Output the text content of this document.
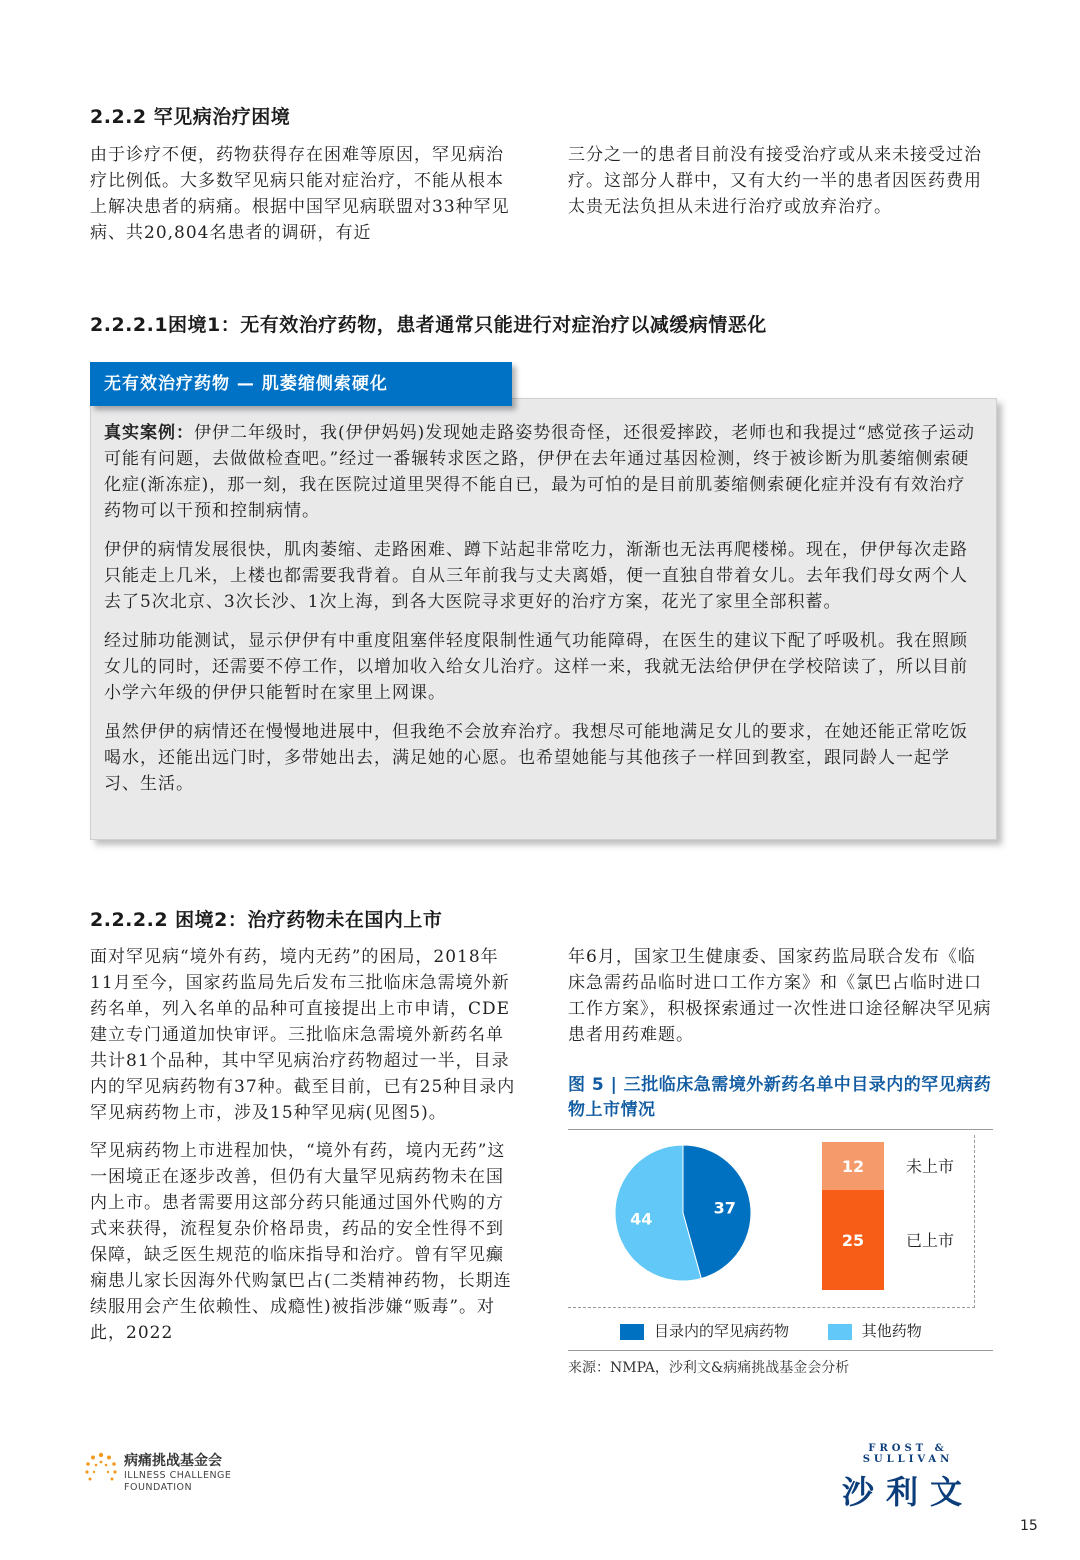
2.2.2 罕见病治疗困境
由于诊疗不便，药物获得存在困难等原因，罕见病治疗比例低。大多数罕见病只能对症治疗，不能从根本上解决患者的病痛。根据中国罕见病联盟对33种罕见病、共20,804名患者的调研，有近
三分之一的患者目前没有接受治疗或从来未接受过治疗。这部分人群中，又有大约一半的患者因医药费用太贵无法负担从未进行治疗或放弃治疗。
2.2.2.1困境1：无有效治疗药物，患者通常只能进行对症治疗以减缓病情恶化
无有效治疗药物 — 肌萎缩侧索硬化

真实案例：伊伊二年级时，我(伊伊妈妈)发现她走路姿势很奇怪，还很爱摔跤，老师也和我提过“感觉孩子运动可能有问题，去做做检查吧。”经过一番辗转求医之路，伊伊在去年通过基因检测，终于被诊断为肌萎缩侧索硬化症(渐冻症)，那一刻，我在医院过道里哭得不能自已，最为可怕的是目前肌萎缩侧索硬化症并没有有效治疗药物可以干预和控制病情。

伊伊的病情发展很快，肌肉萎缩、走路困难、蹲下站起非常吃力，渐渐也无法再爬楼梯。现在，伊伊每次走路只能走上几米，上楼也都需要我背着。自从三年前我与丈夫离婚，便一直独自带着女儿。去年我们母女两个人去了5次北京、3次长沙、1次上海，到各大医院寻求更好的治疗方案，花光了家里全部积蓄。

经过肺功能测试，显示伊伊有中重度阻塞伴轻度限制性通气功能障碍，在医生的建议下配了呼吸机。我在照顾女儿的同时，还需要不停工作，以增加收入给女儿治疗。这样一来，我就无法给伊伊在学校陪读了，所以目前小学六年级的伊伊只能暂时在家里上网课。

虽然伊伊的病情还在慢慢地进展中，但我绝不会放弃治疗。我想尽可能地满足女儿的要求，在她还能正常吃饭喝水，还能出远门时，多带她出去，满足她的心愿。也希望她能与其他孩子一样回到教室，跟同龄人一起学习、生活。

2.2.2.2 困境2：治疗药物未在国内上市

面对罕见病“境外有药，境内无药”的困局，2018年11月至今，国家药监局先后发布三批临床急需境外新药名单，列入名单的品种可直接提出上市申请，CDE建立专门通道加快审评。三批临床急需境外新药名单共计81个品种，其中罕见病治疗药物超过一半，目录内的罕见病药物有37种。截至目前，已有25种目录内罕见病药物上市，涉及15种罕见病(见图5)。

罕见病药物上市进程加快，“境外有药，境内无药”这一困境正在逐步改善，但仍有大量罕见病药物未在国内上市。患者需要用这部分药只能通过国外代购的方式来获得，流程复杂价格昂贵，药品的安全性得不到保障，缺乏医生规范的临床指导和治疗。曾有罕见癫痫患儿家长因海外代购氯巴占(二类精神药物，长期连续服用会产生依赖性、成瘾性)被指涉嫌“贩毒”。对此，2022

年6月，国家卫生健康委、国家药监局联合发布《临床急需药品临时进口工作方案》和《氯巴占临时进口工作方案》，积极探索通过一次性进口途径解决罕见病患者用药难题。
图 5 | 三批临床急需境外新药名单中目录内的罕见病药物上市情况
37
44
12	未上市
25	已上市
目录内的罕见病药物	其他药物
来源：NMPA，沙利文&病痛挑战基金会分析
病痛挑战基金会
ILLNESS CHALLENGE
FOUNDATION
FROST & SULLIVAN
沙利文
15
